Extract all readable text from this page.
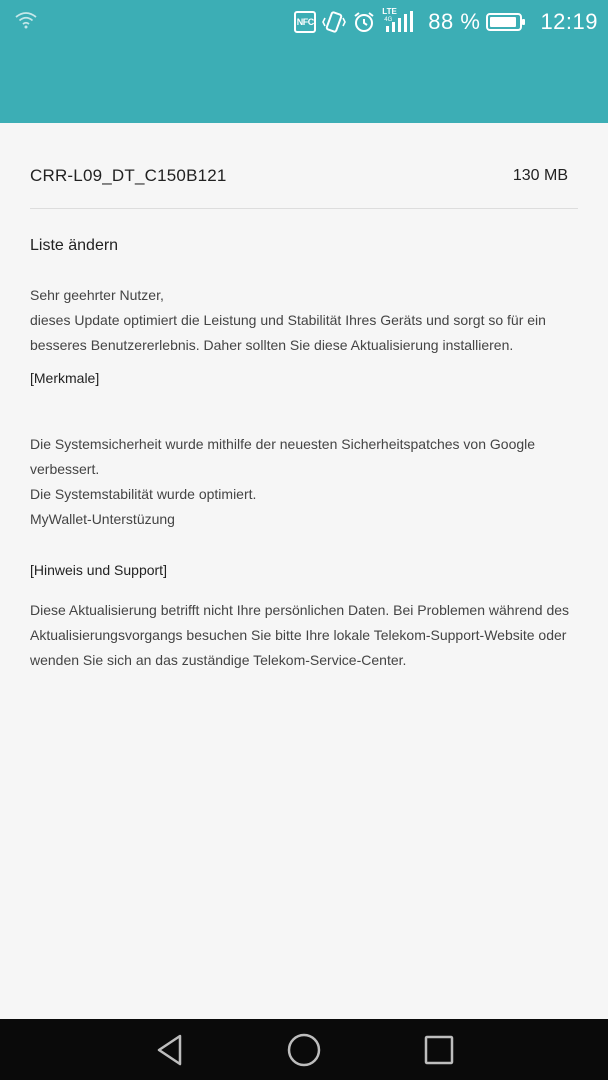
NFC
LTE
4G 88 %	12:19
CRR-L09_DT_C150B121	130 MB
Liste ändern
Sehr geehrter Nutzer,
dieses Update optimiert die Leistung und Stabilität Ihres Geräts und sorgt so für ein besseres Benutzererlebnis. Daher sollten Sie diese Aktualisierung installieren.
[Merkmale]
Die Systemsicherheit wurde mithilfe der neuesten Sicherheitspatches von Google verbessert.
Die Systemstabilität wurde optimiert.
MyWallet-Unterstüzung
[Hinweis und Support]
Diese Aktualisierung betrifft nicht Ihre persönlichen Daten. Bei Problemen während des Aktualisierungsvorgangs besuchen Sie bitte Ihre lokale Telekom-Support-Website oder wenden Sie sich an das zuständige Telekom-Service-Center.
